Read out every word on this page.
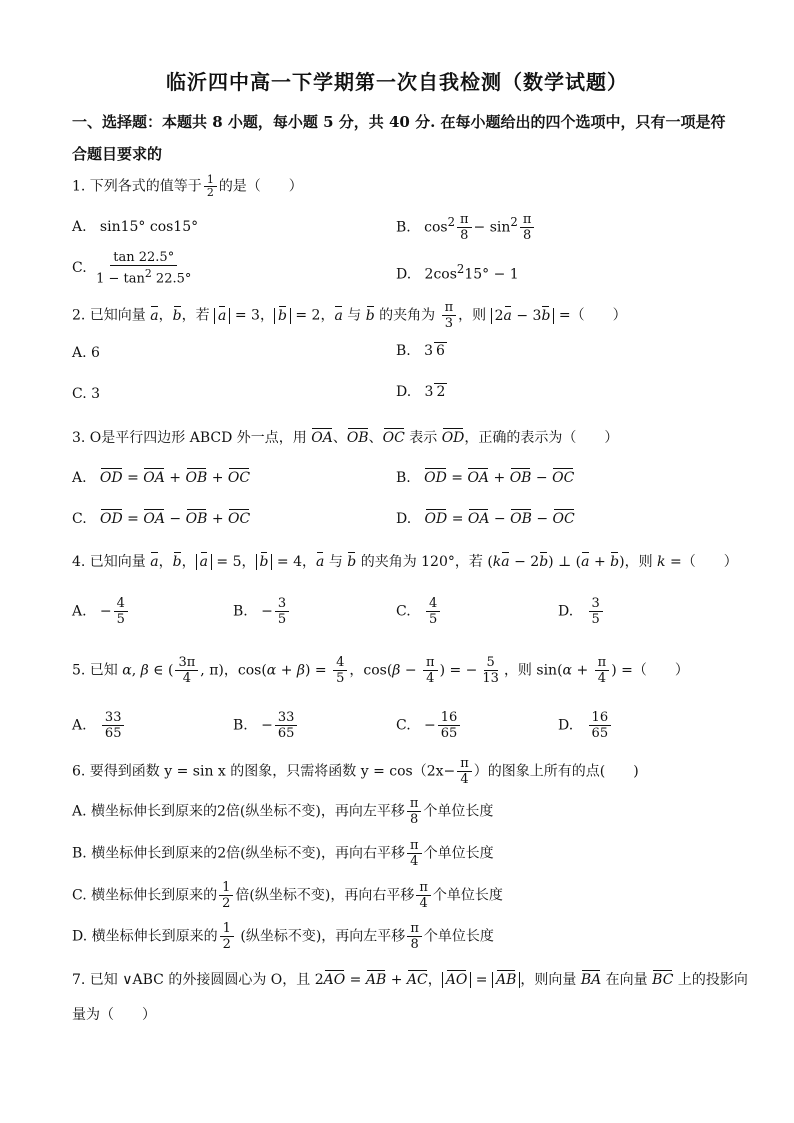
临沂四中高一下学期第一次自我检测（数学试题）
一、选择题：本题共 8 小题，每小题 5 分，共 40 分. 在每小题给出的四个选项中，只有一项是符合题目要求的
1. 下列各式的值等于 $\frac{1}{2}$ 的是（　　）
A.   sin15° cos15°	B.   $\cos^2 \frac{\pi}{8} - \sin^2 \frac{\pi}{8}$
C. $\frac{\tan 22.5^\circ}{1 - \tan^2 22.5^\circ}$	D.   $2\cos^215^\circ - 1$
2. 已知向量 a，b，若 a = 3， b = 2，a 与 b 的夹角为 $\frac{\pi}{3}$ ，则 2a − 3b =（　　）
A. 6	B.   3 6
C. 3	D.   3 2
3. O是平行四边形 ABCD 外一点，用 OA、OB、OC 表示 OD，正确的表示为（　　）
A. OD = OA + OB + OC	B. OD = OA + OB − OC
C. OD = OA − OB + OC	D. OD = OA − OB − OC
4. 已知向量 a，b， a = 5， b = 4，a 与 b 的夹角为 120°，若 (ka − 2b) ⊥ (a + b)，则 k =（　　）
A.   − $\frac{4}{5}$	B.   − $\frac{3}{5}$	C. $\frac{4}{5}$	D. $\frac{3}{5}$
5. 已知 α, β ∈ ( $\frac{3\pi}{4}$ , π)，$\cos(\alpha + \beta) = \frac{4}{5}$ ，$\cos(\beta - \frac{\pi}{4}$ ) = − $\frac{5}{13}$ ，则 $\sin(\alpha + \frac{\pi}{4}$ ) =（　　）
A. $\frac{33}{65}$	B.   − $\frac{33}{65}$	C.   − $\frac{16}{65}$	D. $\frac{16}{65}$
6. 要得到函数 y = sin x 的图象，只需将函数 $y = \cos(2x- \frac{\pi}{4}$ ）的图象上所有的点(　　)
A. 横坐标伸长到原来的2倍(纵坐标不变)，再向左平移 $\frac{\pi}{8}$ 个单位长度
B. 横坐标伸长到原来的2倍(纵坐标不变)，再向右平移 $\frac{\pi}{4}$ 个单位长度
C. 横坐标伸长到原来的 $\frac{1}{2}$ 倍(纵坐标不变)，再向右平移 $\frac{\pi}{4}$ 个单位长度
D. 横坐标伸长到原来的 $\frac{1}{2}$ (纵坐标不变)，再向左平移 $\frac{\pi}{8}$ 个单位长度
7. 已知 ∨ABC 的外接圆圆心为 O，且 2AO = AB + AC， AO = AB ，则向量 BA 在向量 BC 上的投影向
量为（　　）
